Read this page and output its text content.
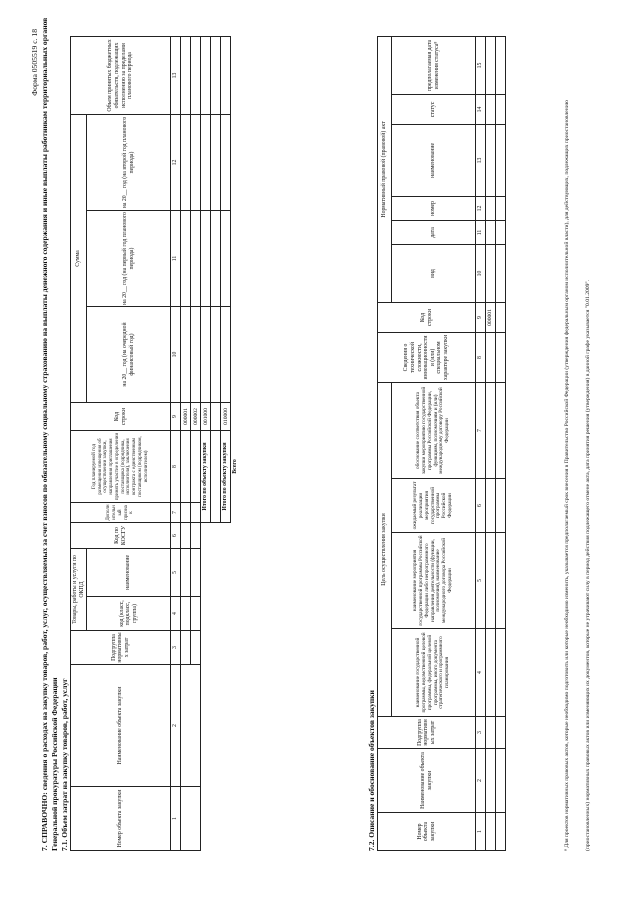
Форма 0505519 с. 18 7. СПРАВОЧНО: сведения о расходах на закупку товаров, работ, услуг, осуществляемых за счет взносов по обязательному социальному страхованию на выплаты денежного содержания и иные выплаты работникам территориальных органов Генеральной прокуратуры Российской Федерации 7.1. Объем затрат на закупку товаров, работ, услуг	Номер объекта закупки	Наименование объекта закупки	Подгруппа нормативных затрат	Товары, работы и услуги по ОКПД		Код по КОСГУ	Дополнительный признак	Год планируемой год размещения извещения об осуществлении закупки, направления приглашения принять участие в определении поставщика (подрядчика, исполнителя), заключения контракта с единственным поставщиком (подрядчиком, исполнителем)	Код строки	Сумма			Объем принятых бюджетных обязательств, подлежащих исполнению за пределами планового периода
			код (класс, подкласс, группа)	наименование					на 20__ год (на очередной финансовый год)	на 20__ год (на первый год планового периода)	на 20__ год (на второй год планового периода)	

1	2	3	4	5	6	7	8	9	10	11	12	13
								000001				
								000002				
						Итого по объекту закупки		001000				

						Итого по объекту закупки		010000				
							Всего					
7.2. Описание и обоснование объектов закупки	Номер объекта закупки	Наименование объекта закупки	Подгруппа нормативных затрат	Цель осуществления закупки				Сведения о технической сложности, инновационности и (или) специальном характере закупки	Код строки	Нормативный правовой (правовой) акт					
			наименование государственной программы, ведомственной целевой программы, федеральной целевой программы, иного документа стратегического и программного планирования	наименование мероприятия государственной программы Российской Федерации либо непрограммного направления деятельности (функции, полномочия), наименование международного договора Российской Федерации	ожидаемый результат реализации мероприятия государственной программы Российской Федерации	обоснование соответствия объекта закупки мероприятию государственной программы Российской Федерации, функциям, полномочиям и (или) международному договору Российской Федерации			вид	дата	номер	наименование	статус	предполагаемая дата изменения статуса⁸

1	2	3	4	5	6	7	8	9	10	11	12	13	14	15
								000001						
															⁸ Для проектов нормативных правовых актов, которые необходимо подготовить или которые необходимо изменить, указывается предполагаемый срок внесения в Правительство Российской Федерации (утверждения федеральным органом исполнительной власти), для действующих, подлежащих приостановлению	(приостановленных) нормативных правовых актов или изменяющих их документов, которые не утрачивают силу в период действия подлежащего отмене акта, дата принятия решения (утверждения) в данной графе указывается "0.01.2009".
